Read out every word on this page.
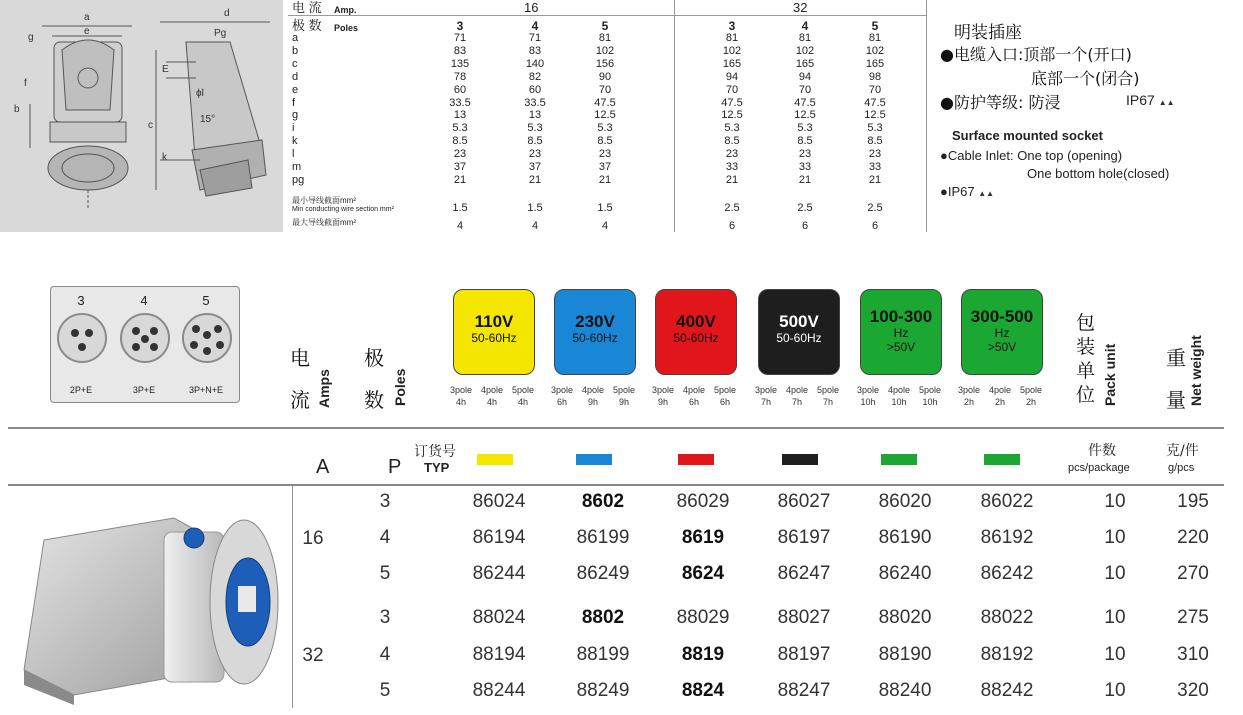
a
e
g
f
b
d
Pg
E
ϕl
15°
c
k
电 流 Amp.	16	32
极 数 Poles	3	4	5	3	4	5
a	71	71	81	81	81	81
b	83	83	102	102	102	102
c	135	140	156	165	165	165
d	78	82	90	94	94	98
e	60	60	70	70	70	70
f	33.5	33.5	47.5	47.5	47.5	47.5
g	13	13	12.5	12.5	12.5	12.5
i	5.3	5.3	5.3	5.3	5.3	5.3
k	8.5	8.5	8.5	8.5	8.5	8.5
l	23	23	23	23	23	23
m	37	37	37	33	33	33
pg	21	21	21	21	21	21
最小导线截面mm²
Min conducting wire section mm²	1.5	1.5	1.5	2.5	2.5	2.5
最大导线截面mm²	4	4	4	6	6	6
明装插座
●电缆入口:顶部一个(开口)
底部一个(闭合)
●防护等级: 防浸	IP67 ▲▲
Surface mounted socket
●Cable Inlet: One top (opening)
One bottom hole(closed)
●IP67 ▲▲
3
2P+E
4
3P+E
5
3P+N+E
电
流 Amps
极
数 Poles
包
装
单
位 Pack unit 重
量 Net weight
110V
50-60Hz
3pole
4h
4pole
4h
5pole
4h
230V
50-60Hz
3pole
6h
4pole
9h
5pole
9h
400V
50-60Hz
3pole
9h
4pole
6h
5pole
6h
500V
50-60Hz
3pole
7h
4pole
7h
5pole
7h
100-300
Hz
>50V
3pole
10h
4pole
10h
5pole
10h
300-500
Hz
>50V
3pole
2h
4pole
2h
5pole
2h
A	P
订货号
TYP
件数
pcs/package
克/件
g/pcs
16
3	86024	8602	86029	86027	86020	86022	10	195
4	86194	86199	8619	86197	86190	86192	10	220
5	86244	86249	8624	86247	86240	86242	10	270
32
3	88024	8802	88029	88027	88020	88022	10	275
4	88194	88199	8819	88197	88190	88192	10	310
5	88244	88249	8824	88247	88240	88242	10	320
